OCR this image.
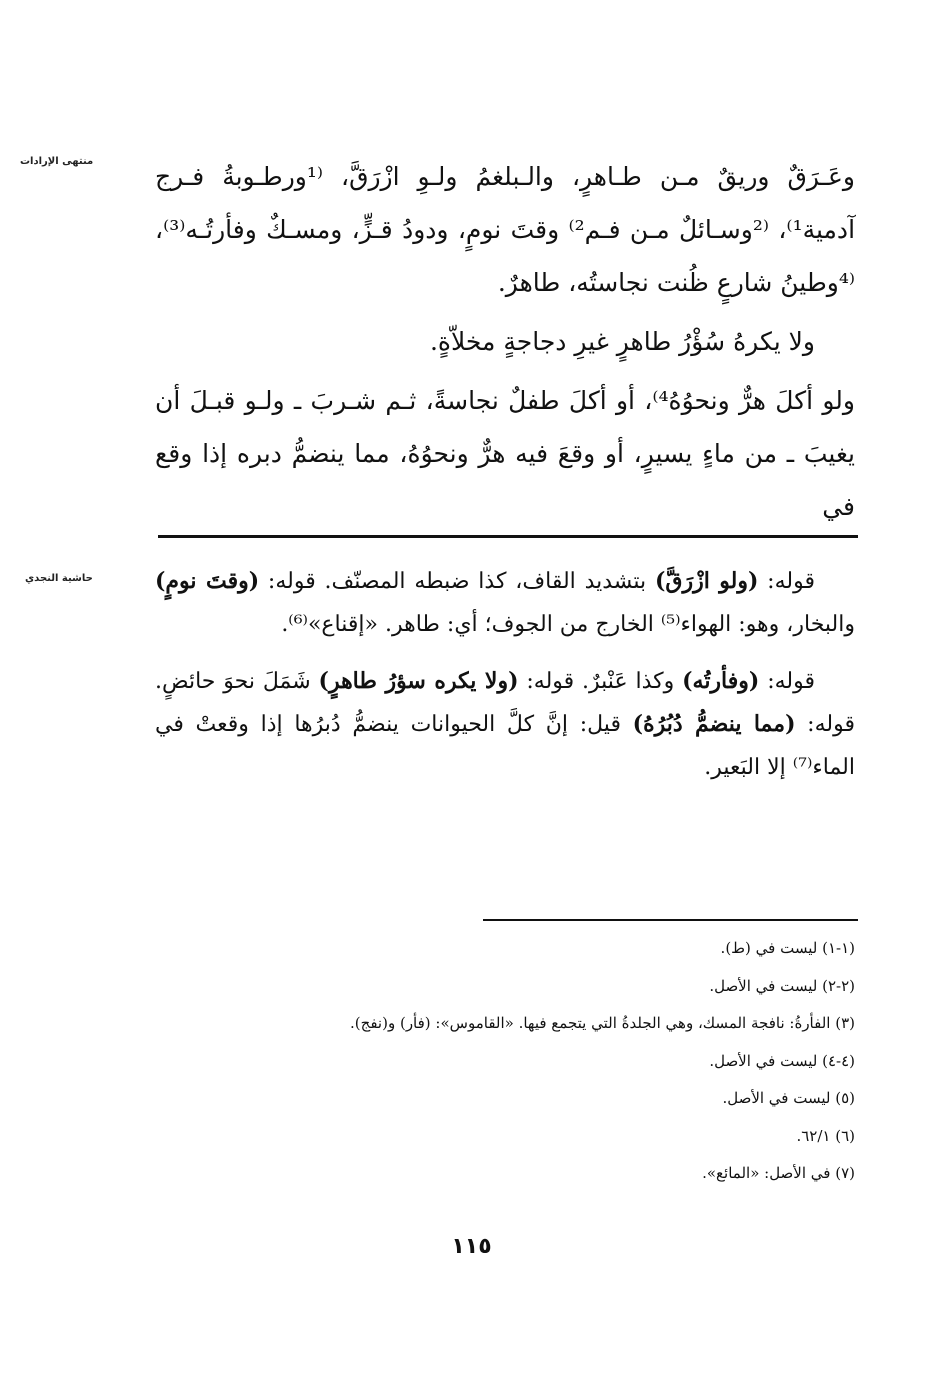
منتهى الإرادات
حاشية النجدي

وعَـرَقٌ وريقٌ مـن طـاهرٍ، والـبلغمُ ولـوِ ازْرَقَّ، ⁽¹ورطـوبةُ فـرج آدمية¹⁾، ⁽²وسـائلٌ مـن فـم²⁾ وقتَ نومٍ، ودودُ قـزٍّ، ومسـكٌ وفأرتُـه⁽³⁾، ⁽⁴وطينُ شارعٍ ظُنت نجاستُه، طاهرٌ.

ولا يكرهُ سُؤْرُ طاهرٍ غيرِ دجاجةٍ مخلاّةٍ.

ولو أكلَ هرٌّ ونحوُهُ⁴⁾، أو أكلَ طفلٌ نجاسةً، ثـم شـربَ ـ ولـو قبـلَ أن يغيبَ ـ من ماءٍ يسيرٍ، أو وقعَ فيه هرٌّ ونحوُهُ، مما ينضمُّ دبره إذا وقع في

قوله: (ولو ازْرَقَّ) بتشديد القاف، كذا ضبطه المصنّف. قوله: (وقتَ نومٍ) والبخار، وهو: الهواء⁽⁵⁾ الخارج من الجوف؛ أي: طاهر. «إقناع»⁽⁶⁾.

قوله: (وفأرتُه) وكذا عَنْبرٌ. قوله: (ولا يكره سؤرُ طاهرٍ) شَمَلَ نحوَ حائضٍ. قوله: (مما ينضمُّ دُبُرُهُ) قيل: إنَّ كلَّ الحيوانات ينضمُّ دُبرُها إذا وقعتْ في الماء⁽⁷⁾ إلا البَعير.

(١-١) ليست في (ط).
(٢-٢) ليست في الأصل.
(٣) الفأرةُ: نافجة المسك، وهي الجلدةُ التي يتجمع فيها. «القاموس»: (فأر) و(نفج).
(٤-٤) ليست في الأصل.
(٥) ليست في الأصل.
(٦) ٦٢/١.
(٧) في الأصل: «المائع».
١١٥
